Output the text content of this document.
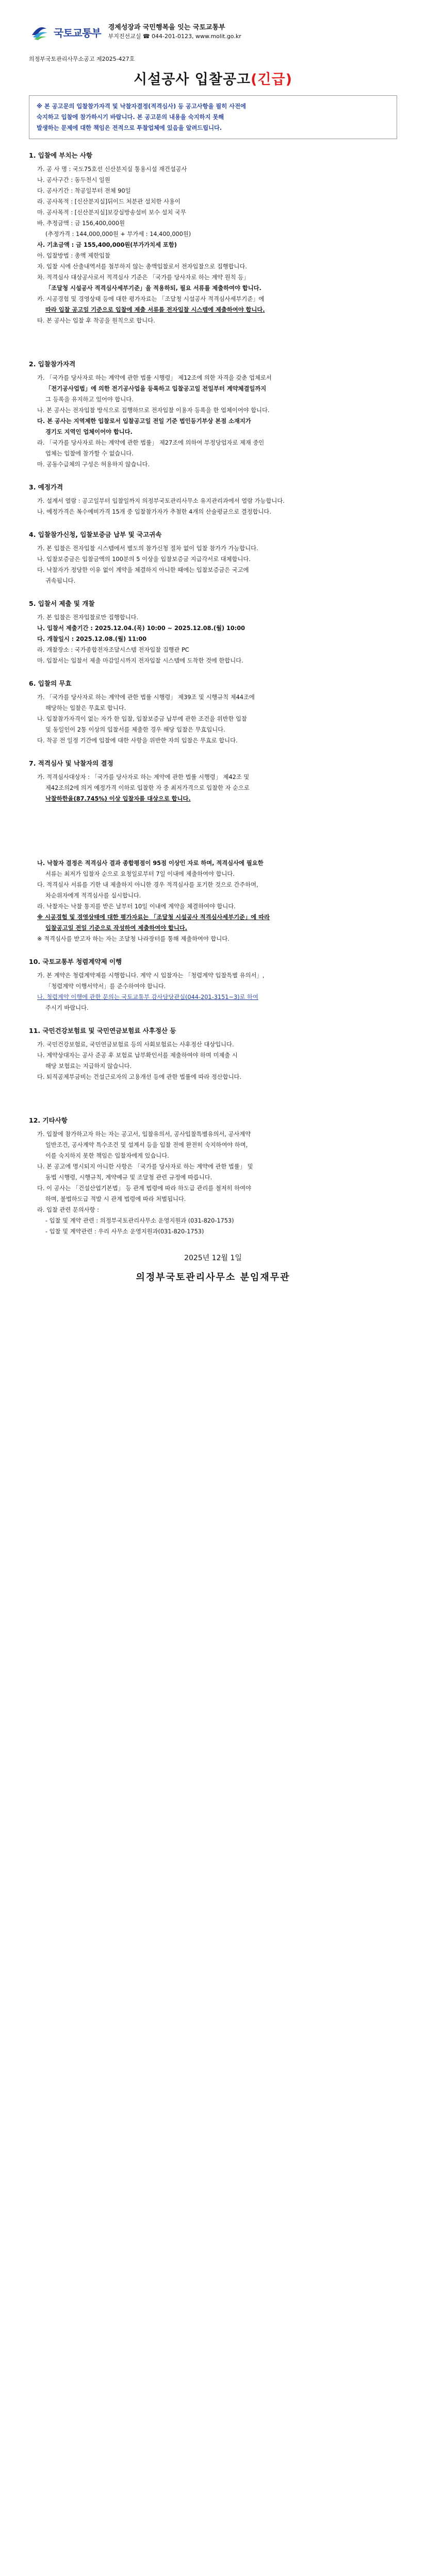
국토교통부 경제성장과 국민행복을 잇는 국토교통부
부지진선교실 ☎ 044-201-0123, www.molit.go.kr
의정부국토관리사무소공고 제2025-427호
시설공사 입찰공고(긴급)

※ 본 공고문의 입찰참가자격 및 낙찰자결정(적격심사) 등 공고사항을 필히 사전에

숙지하고 입찰에 참가하시기 바랍니다. 본 공고문의 내용을 숙지하지 못해

발생하는 문제에 대한 책임은 전적으로 투찰업체에 있음을 알려드립니다.

1. 입찰에 부치는 사항

가. 공 사 명 : 국도75호선 신산분지실 통용시설 재건설공사

나. 공사구간 : 동두천시 일원

다. 공사기간 : 착공일부터 전체 90일

라. 공사목적 : [신산분지실]뒤이드 처분관 설치한 사용이

마. 공사목적 : [신산분지실]보강실방송설비 보수 설치 국무

바. 추정금액 : 금 156,400,000원

(추정가격 : 144,000,000원 + 부가세 : 14,400,000원)

사. 기초금액 : 금 155,400,000원(부가가치세 포함)

아. 입찰방법 : 총액 제한입찰

자. 입찰 시에 산출내역서를 첨부하지 않는 총액입찰로서 전자입찰으로 집행합니다.

차. 적격심사 대상공사로서 적격심사 기준은 「국가를 당사자로 하는 계약 원칙 등」

「조달청 시설공사 적격심사세부기준」을 적용하되, 필요 서류를 제출하여야 합니다.

카. 시공경험 및 경영상태 등에 대한 평가자료는 「조달청 시설공사 적격심사세부기준」에

따라 입찰 공고일 기준으로 입찰에 제출 서류를 전자입찰 시스템에 제출하여야 합니다.

타. 본 공사는 입찰 후 착공을 원칙으로 합니다.

2. 입찰참가자격

가. 「국가를 당사자로 하는 계약에 관한 법률 시행령」 제12조에 의한 자격을 갖춘 업체로서

「전기공사업법」에 의한 전기공사업을 등록하고 입찰공고일 전일부터 계약체결일까지

그 등록을 유지하고 있어야 합니다.

나. 본 공사는 전자입찰 방식으로 집행하므로 전자입찰 이용자 등록을 한 업체이어야 합니다.

다. 본 공사는 지역제한 입찰로서 입찰공고일 전일 기준 법인등기부상 본점 소재지가

경기도 지역인 업체이어야 합니다.

라. 「국가를 당사자로 하는 계약에 관한 법률」 제27조에 의하여 부정당업자로 제재 중인

업체는 입찰에 참가할 수 없습니다.

마. 공동수급체의 구성은 허용하지 않습니다.

3. 예정가격

가. 설계서 열람 : 공고일부터 입찰일까지 의정부국토관리사무소 유지관리과에서 열람 가능합니다.

나. 예정가격은 복수예비가격 15개 중 입찰참가자가 추첨한 4개의 산술평균으로 결정합니다.

4. 입찰참가신청, 입찰보증금 납부 및 국고귀속

가. 본 입찰은 전자입찰 시스템에서 별도의 참가신청 절차 없이 입찰 참가가 가능합니다.

나. 입찰보증금은 입찰금액의 100분의 5 이상을 입찰보증금 지급각서로 대체합니다.

다. 낙찰자가 정당한 이유 없이 계약을 체결하지 아니한 때에는 입찰보증금은 국고에

귀속됩니다.

5. 입찰서 제출 및 개찰

가. 본 입찰은 전자입찰로만 집행합니다.

나. 입찰서 제출기간 : 2025.12.04.(목) 10:00 ~ 2025.12.08.(월) 10:00

다. 개찰일시 : 2025.12.08.(월) 11:00

라. 개찰장소 : 국가종합전자조달시스템 전자입찰 집행관 PC

마. 입찰서는 입찰서 제출 마감일시까지 전자입찰 시스템에 도착한 것에 한합니다.

6. 입찰의 무효

가. 「국가를 당사자로 하는 계약에 관한 법률 시행령」 제39조 및 시행규칙 제44조에

해당하는 입찰은 무효로 합니다.

나. 입찰참가자격이 없는 자가 한 입찰, 입찰보증금 납부에 관한 조건을 위반한 입찰

및 동일인이 2통 이상의 입찰서를 제출한 경우 해당 입찰은 무효입니다.

다. 착공 전 일정 기간에 입찰에 대한 사항을 위반한 자의 입찰은 무효로 합니다.

7. 적격심사 및 낙찰자의 결정

가. 적격심사대상자 : 「국가를 당사자로 하는 계약에 관한 법률 시행령」 제42조 및

제42조의2에 의거 예정가격 이하로 입찰한 자 중 최저가격으로 입찰한 자 순으로

낙찰하한율(87.745%) 이상 입찰자를 대상으로 합니다.

나. 낙찰자 결정은 적격심사 결과 종합평점이 95점 이상인 자로 하며, 적격심사에 필요한

서류는 최저가 입찰자 순으로 요청일로부터 7일 이내에 제출하여야 합니다.

다. 적격심사 서류를 기한 내 제출하지 아니한 경우 적격심사를 포기한 것으로 간주하며,

차순위자에게 적격심사를 실시합니다.

라. 낙찰자는 낙찰 통지를 받은 날부터 10일 이내에 계약을 체결하여야 합니다.

※ 시공경험 및 경영상태에 대한 평가자료는 「조달청 시설공사 적격심사세부기준」에 따라

입찰공고일 전일 기준으로 작성하여 제출하여야 합니다.

※ 적격심사를 받고자 하는 자는 조달청 나라장터를 통해 제출하여야 합니다.

10. 국토교통부 청렴계약제 이행

가. 본 계약은 청렴계약제를 시행합니다. 계약 시 입찰자는 「청렴계약 입찰특별 유의서」,

「청렴계약 이행서약서」를 준수하여야 합니다.

나. 청렴계약 이행에 관한 문의는 국토교통부 감사담당관실(044-201-3151~3)로 하여

주시기 바랍니다.

11. 국민건강보험료 및 국민연금보험료 사후정산 등

가. 국민건강보험료, 국민연금보험료 등의 사회보험료는 사후정산 대상입니다.

나. 계약상대자는 공사 준공 후 보험료 납부확인서를 제출하여야 하며 미제출 시

해당 보험료는 지급하지 않습니다.

다. 퇴직공제부금비는 건설근로자의 고용개선 등에 관한 법률에 따라 정산합니다.

12. 기타사항

가. 입찰에 참가하고자 하는 자는 공고서, 입찰유의서, 공사입찰특별유의서, 공사계약

일반조건, 공사계약 특수조건 및 설계서 등을 입찰 전에 완전히 숙지하여야 하며,

이를 숙지하지 못한 책임은 입찰자에게 있습니다.

나. 본 공고에 명시되지 아니한 사항은 「국가를 당사자로 하는 계약에 관한 법률」 및

동법 시행령, 시행규칙, 계약예규 및 조달청 관련 규정에 따릅니다.

다. 이 공사는 「건설산업기본법」 등 관계 법령에 따라 하도급 관리를 철저히 하여야

하며, 불법하도급 적발 시 관계 법령에 따라 처벌됩니다.

라. 입찰 관련 문의사항 :

- 입찰 및 계약 관련 : 의정부국토관리사무소 운영지원과 (031-820-1753)

- 입찰 및 계약관련 : 우리 사무소 운영지원과(031-820-1753)

2025년 12월 1일
의정부국토관리사무소 분임재무관
